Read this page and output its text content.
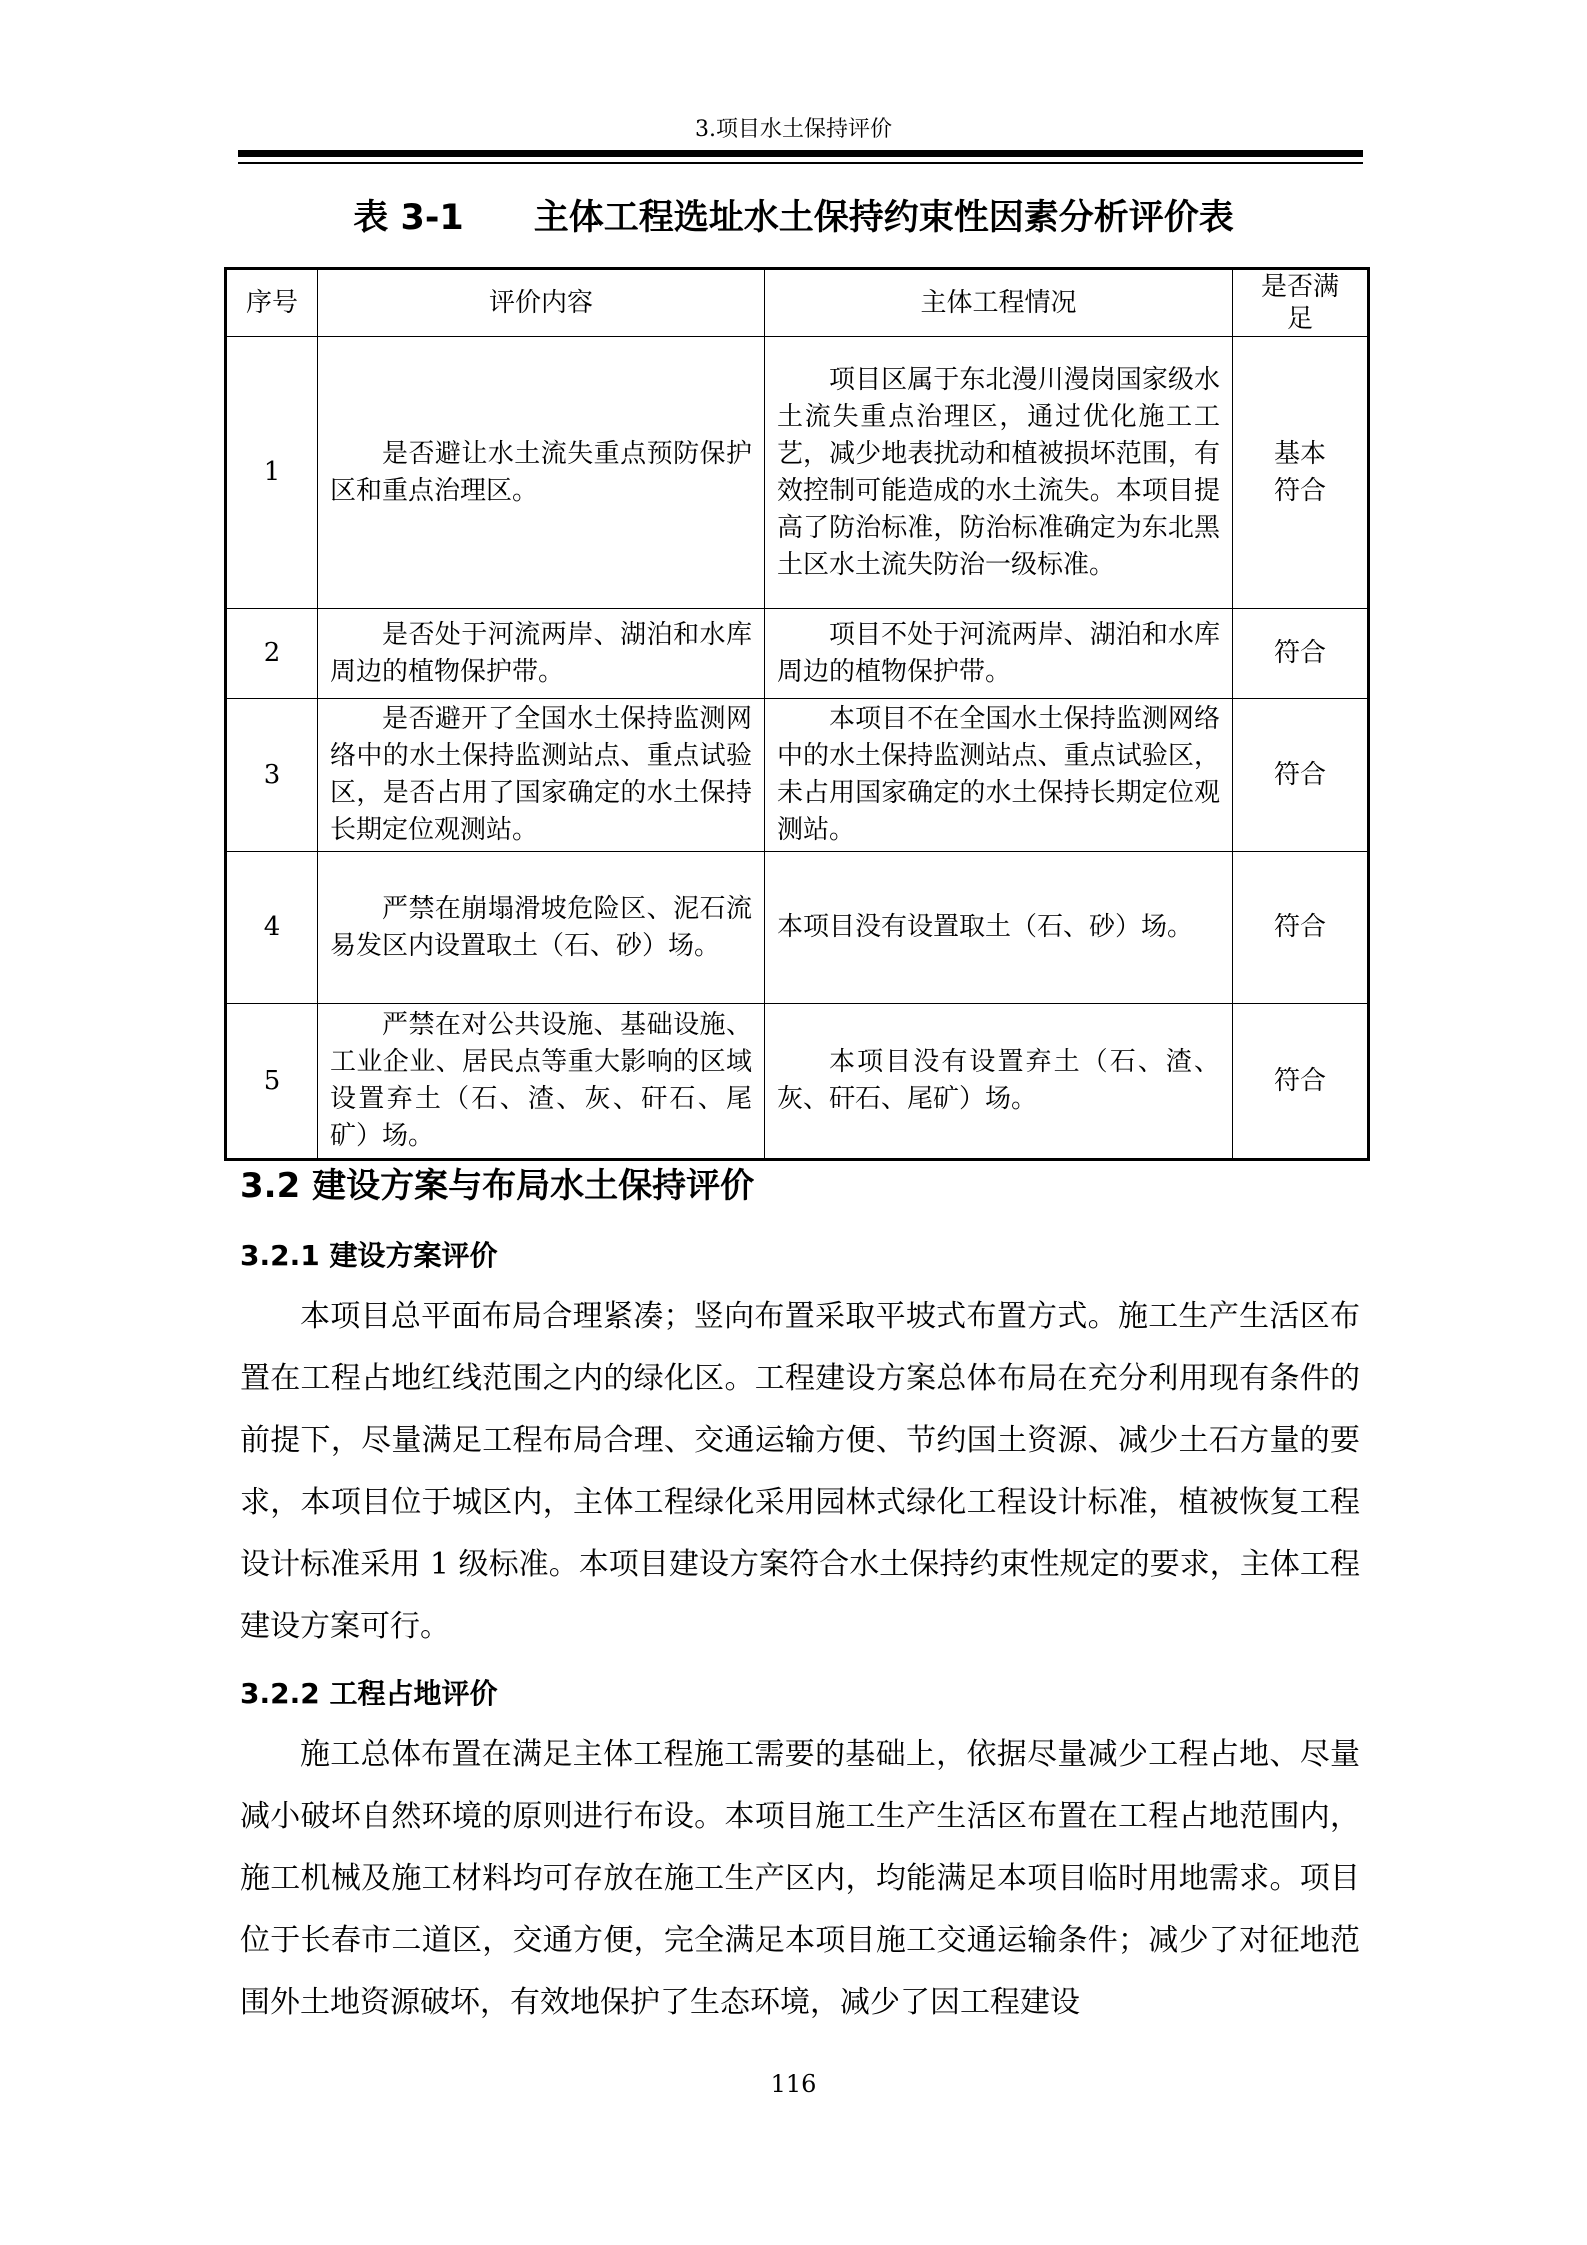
3.项目水土保持评价
表 3-1 主体工程选址水土保持约束性因素分析评价表
序号	评价内容	主体工程情况	是否满足
1	是否避让水土流失重点预防保护区和重点治理区。	项目区属于东北漫川漫岗国家级水土流失重点治理区，通过优化施工工艺，减少地表扰动和植被损坏范围，有效控制可能造成的水土流失。本项目提高了防治标准，防治标准确定为东北黑土区水土流失防治一级标准。	基本符合
2	是否处于河流两岸、湖泊和水库周边的植物保护带。	项目不处于河流两岸、湖泊和水库周边的植物保护带。	符合
3	是否避开了全国水土保持监测网络中的水土保持监测站点、重点试验区，是否占用了国家确定的水土保持长期定位观测站。	本项目不在全国水土保持监测网络中的水土保持监测站点、重点试验区，未占用国家确定的水土保持长期定位观测站。	符合
4	严禁在崩塌滑坡危险区、泥石流易发区内设置取土（石、砂）场。	本项目没有设置取土（石、砂）场。	符合
5	严禁在对公共设施、基础设施、工业企业、居民点等重大影响的区域设置弃土（石、渣、灰、矸石、尾矿）场。	本项目没有设置弃土（石、渣、灰、矸石、尾矿）场。	符合
3.2 建设方案与布局水土保持评价
3.2.1 建设方案评价
本项目总平面布局合理紧凑；竖向布置采取平坡式布置方式。施工生产生活区布置在工程占地红线范围之内的绿化区。工程建设方案总体布局在充分利用现有条件的前提下，尽量满足工程布局合理、交通运输方便、节约国土资源、减少土石方量的要求，本项目位于城区内，主体工程绿化采用园林式绿化工程设计标准，植被恢复工程设计标准采用 1 级标准。本项目建设方案符合水土保持约束性规定的要求，主体工程建设方案可行。
3.2.2 工程占地评价
施工总体布置在满足主体工程施工需要的基础上，依据尽量减少工程占地、尽量减小破坏自然环境的原则进行布设。本项目施工生产生活区布置在工程占地范围内，施工机械及施工材料均可存放在施工生产区内，均能满足本项目临时用地需求。项目位于长春市二道区，交通方便，完全满足本项目施工交通运输条件；减少了对征地范围外土地资源破坏，有效地保护了生态环境，减少了因工程建设
116
